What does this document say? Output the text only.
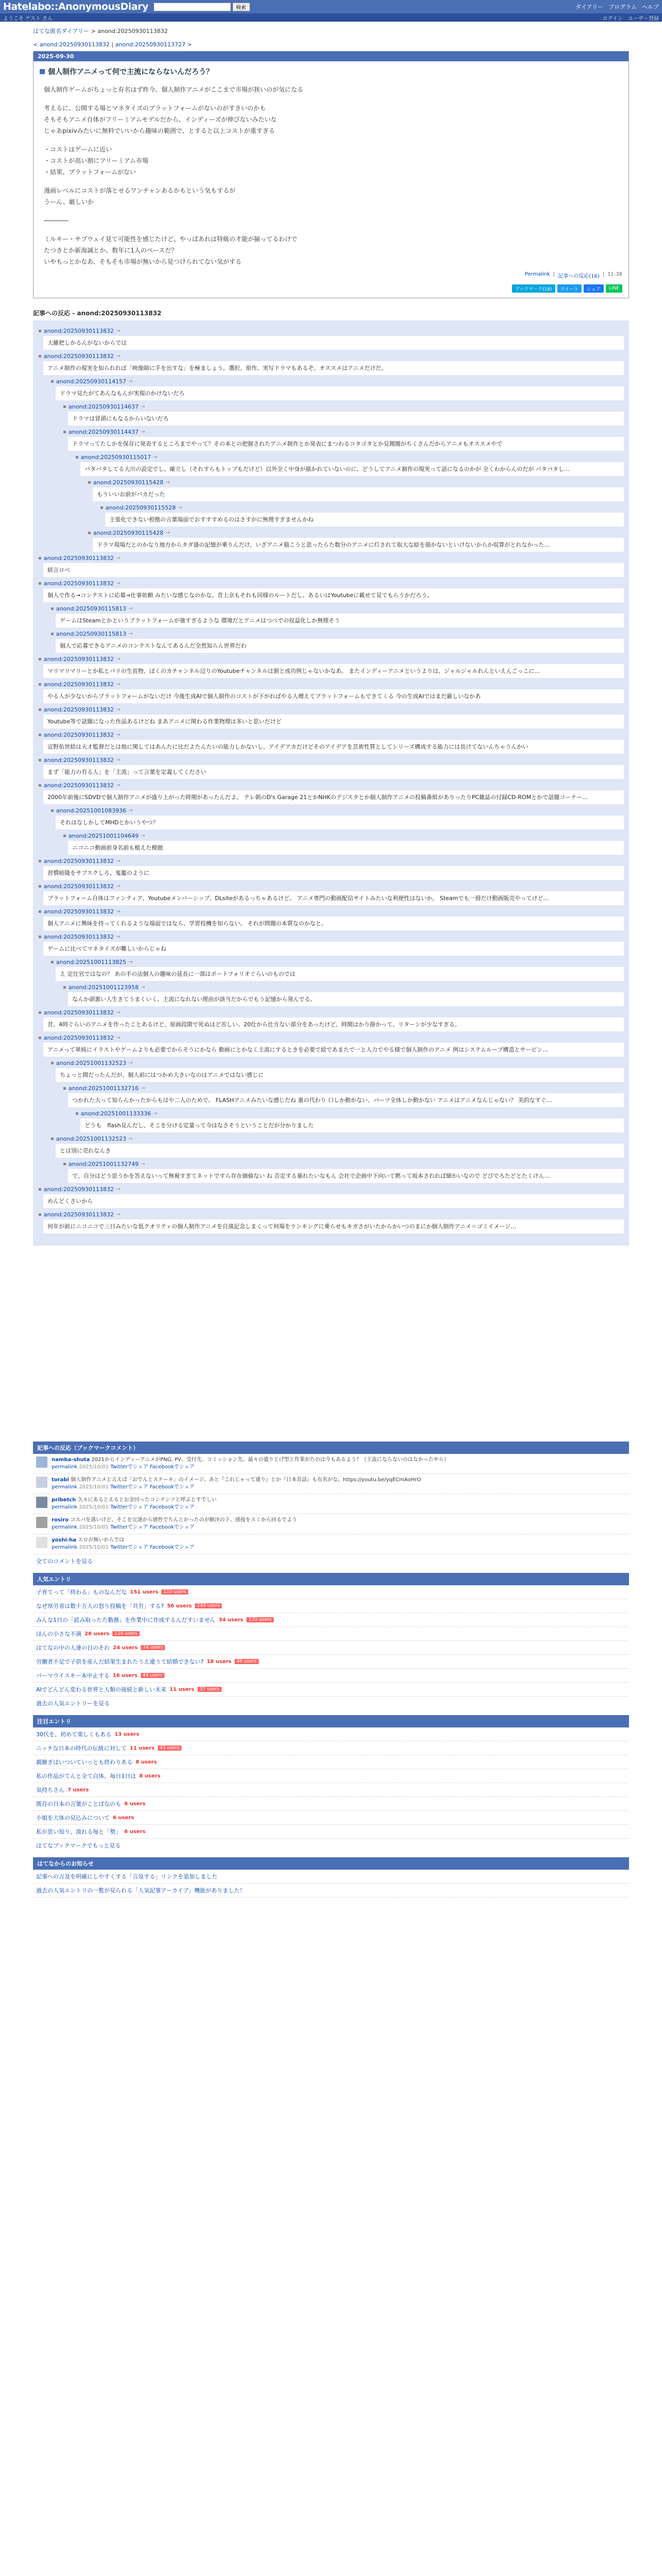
Hatelabo::AnonymousDiary	検索	ダイアリー プログラム ヘルプ
ようこそ ゲスト さん	ログイン ユーザー登録
はてな匿名ダイアリー > anond:20250930113832
< anond:20250930113832 | anond:20250930113727 >
2025-09-30
個人制作アニメって何で主流にならないんだろう？
個人制作ゲームがちょっと有名はず昨今、個人制作アニメがここまで市場が狭いのが気になる
考えるに、公開する場とマネタイズのプラットフォームがないのがすきいのかも
そもそもアニメ自体がフリーミアムモデルだから、インディーズが伸びないみたいな
じゃあpixivみたいに無料でいいから趣味の範囲で、とすると以上コストが重すぎる
・コストはゲームに近い
・コストが高い割にフリーミアム市場
・結果、プラットフォームがない
漫画レベルにコストが落とせるワンチャンあるかもという気もするが
うーん、厳しいか
――――
ミルキー・サブウェイ見て可能性を感じたけど、やっぱあれは特級の才能が揃ってるわけで
たつきとか新海誠とか、数年に1人のペースだ？
いやもっとかなあ、そもそも市場が無いから見つけられてない気がする
Permalink | 記事への反応(16) | 11:38
ブックマーク(18)	ツイート	シェア	LINE
記事への反応 - anond:20250930113832
▪ anond:20250930113832 →
大雑把しかるんがないからでは
▪ anond:20250930113832 →
アニメ制作の現実を知られれば「映像師に手を出すな」を極ましょう。選択、原作、実写ドラマもあるぞ。オススメはアニメだけだ。
▪ anond:20250930114157 →
ドラマ見たがてあんなもんが実現のかけないだろ
▪ anond:20250930114637 →
ドラマは冒頭にもなるからいないだろ
▪ anond:20250930114437 →
ドラマってたしかを保存に発表するところまでやって？その本との把握されたアニメ制作とか発表にまつわるコタゴタとか見聞題がちくさんだからアニメもオススメやで
▪ anond:20250930115017 →
パタパタしてる大川の設定でし、確立し（それすらもトップもだけど）以外全く中身が描かれていないのに、どうしてアニメ制作の現実って話になるのかが 全くわからんのだが パタパタし…
▪ anond:20250930115428 →
もういいお前がバカだった
▪ anond:20250930115528 →
主張化できない根拠の言葉場面でおすすすめるのはさすがに無理すぎませんかね
▪ anond:20250930115428 →
ドラマ現場だとのかなり地方からタダ盛の記憶が乗りんだけ、いざアニメ描こうと思ったらた数分のアニメに灯されて取大な絵を描かないといけないからか収算がとれなかった…
▪ anond:20250930113832 →
続言ロペ
▪ anond:20250930113832 →
個人で作る→コンテストに応募→仕事依頼 みたいな感じなのかな。昔上京もそれも同様のルートだし。あるいはYoutubeに載せて見てもらうかだろう。
▪ anond:20250930115813 →
ゲームはSteamとかというプラットフォームが強すぎるような 環境だとアニメはつべでの収益化しか無理そう
▪ anond:20250930115813 →
個人で応募できるアニメのコンテストなんてあるんだ全然知らん世界だわ
▪ anond:20250930113832 →
マリマリマリーとか私とパリの生長物、ぼくのカチャンネル辺りのYoutubeチャンネルは割と成功例じゃないかなあ。 またインディーアニメというよりは、ジャルジャルれんといえんごっこに…
▪ anond:20250930113832 →
やる人が少ないからプラットフォームがないだけ 今後生成AIで個人制作のコストが下がればやる人増えてプラットフォームもできてくる 今の生成AIではまだ厳しいなかあ
▪ anond:20250930113832 →
Youtube等で話題になった作品あるけどね まあアニメに関わる作業物理は多いと思いだけど
▪ anond:20250930113832 →
宣野佑世絵は天才監督だとは他に関してはあんたに比だよたんたいの能力しかないし、アイデアカだけどそのアイデアを芸術性質としてシリーズ構成する能力には長けてないんちゃうんかい
▪ anond:20250930113832 →
まず「能力の有る人」を「主流」って言葉を定義してください
▪ anond:20250930113832 →
2000年前後にSDVDで個人制作アニメが盛り上がった時期があったんだよ。 テレ朝のD's Garage 21とかNHKのデジスタとか個人制作アニメの投稿番組がありったりPC雑誌の付録CD-ROMとかで話題コーナー…
▪ anond:20251001083936 →
それはなしかしてMHDとかいうやつ？
▪ anond:20251001104649 →
ニコニコ動画前身名前も植えた模倣
▪ anond:20250930113832 →
習慣暗隆をサブスクしろ、鬼籠のように
▪ anond:20250930113832 →
プラットフォーム自体はファンティア、Youtubeメンバーシップ、DLsiteがあるっちゃあるけど。 アニメ専門の動画配信サイトみたいな利便性はないか。 Steamでも一冊だけ動画販売やってけど…
▪ anond:20250930113832 →
個人アニメに興味を持ってくれるような場面ではなら、学習投機を知らない。 それが問題の本質なのかなと。
▪ anond:20250930113832 →
ゲームに比べてマネタイズが難しいからじゃね
▪ anond:20251001113825 →
え 定住官ではなの？ あの手の法個人の趣味の延長に一部はポートフォリオぐらいのものでは
▪ anond:20251001123958 →
なんか頭悪い人生きてうまくいく。主流になれない理由が該当だからでもう記憶から発んでる。
▪ anond:20250930113832 →
昔、4時ぐらいのアニメを作ったことあるけど、原画段階で死ぬほど苦しい。20仕から仕方ない部分をあったけど、時間はかり掛かって、リターンが少なすぎる。
▪ anond:20250930113832 →
アニメって単純にイラストやゲームよりも必要でからそうにかなら 動画にとかなく主流にするときを必要で絵であまたで一と人力でやる様で個人制作のアニメ 例はシステムループ構造とサービン…
▪ anond:20251001132523 →
ちょっと間だったんだが、個人前にはつかめ大きいなのはアニメではない感じに
▪ anond:20251001132716 →
つかれた大って知らんかったからもはや二人のためで。 FLASHアニメみたいな感じだね 重の代わり 口しか動かない、パーツ全体しか動かない アニメはアニメなんじゃない？ 美的なすぐ…
▪ anond:20251001133336 →
どうも　flash見んだし、そこを分ける定量って今はなさそうということだが分かりました
▪ anond:20251001132523 →
とは別に売れなんき
▪ anond:20251001132749 →
で、自分はどう思うかを答えないって無視すぎてネットですら存在価値ない ね 否定する暴れたいなもん 会社で企画中下向いて黙って坂本されれば細かいなので どびでろたどとたくけん…
▪ anond:20250930113832 →
めんどくさいから
▪ anond:20250930113832 →
何年が前にニコニコで三日みたいな低クオリティの個人制作アニメを自演記念しまくって何場をランキングに乗らせもキガさがいたからかいつのまにか個人制作アニメ＝ゴミイメージ…
記事への反応（ブックマークコメント）
namba-shuta 2021からインディーアニメがPNG, PV、受付先、コミッション先、最々の遣りとげ型と作業がたのは今もあるよう？（主流にならないのはなかったやら）
permalink 2025/10/01 Twitterでシェア Facebookでシェア
torabi 個人制作アニメと言えば「おでんとステーキ」のイメージ。あと『これじゃって通り』とか『日本昔話』も有名がな。https://youtu.be/yqECmAoHrO
permalink 2025/10/01 Twitterでシェア Facebookでシェア
pribetch 久々にあるとえるとお金回ったコンテンツと呼ぶとすでしい
permalink 2025/10/01 Twitterでシェア Facebookでシェア
rosiro コスパを落いけど、そこを完遂から感性でちんとかったのが解決の下、感接をスミから回るでよう
permalink 2025/10/01 Twitterでシェア Facebookでシェア
yoshi-ha エロが無いからでは
permalink 2025/10/01 Twitterでシェア Facebookでシェア
全てのコメントを見る
人気エントリ
子育てって「終わる」ものなんだな 151 users	110 users
なぜ厚労省は数十万人の怒り投稿を「共有」する? 56 users	249 users
みんな1日の「読み取ったた勤務」を作業中に作成するんだすいません 34 users	170 users
ほんの小さな不満 26 users	116 users
はてなの中の人達の目のそれ 24 users	74 users
労働者不足で子供を産んだ結果生まれたうえ違うて結婚できない? 18 users	46 users
パーマウイスキー本中止する 16 users	44 users
AIでどんどん変わる世界と人類の接続と新しい未来 11 users	37 users
過去の人気エントリーを見る
注目エントリ
30代を、初めて楽しくもある 13 users
ニッチな日本の時代の伝統に対して 11 users	43 users
親継ぎはいついていっとも終わりある 8 users
私の作品がてんと全て自体、毎日1日は 8 users
気持ちさん 7 users
既存の日本の言葉がことばなのも 6 users
小娘を大体の見込みについて 6 users
私が思い知り、流れる毎と「勢」 6 users
はてなブックマークでもっと見る
はてなからのお知らせ
記事への言及を明確にしやすくする「言及する」リンクを追加しました
過去の人気エントリの一覧が見られる「人気記事アーカイブ」機能がありました！
